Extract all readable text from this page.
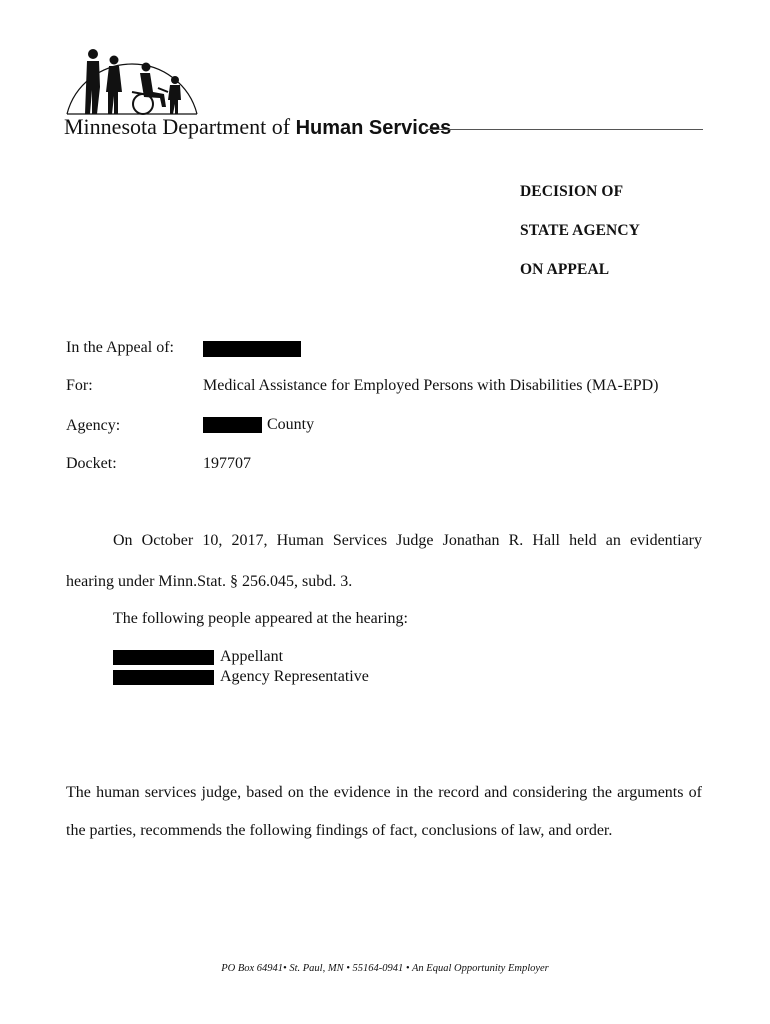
Minnesota Department of Human Services
DECISION OF
STATE AGENCY
ON APPEAL
In the Appeal of:
For:	Medical Assistance for Employed Persons with Disabilities (MA-EPD)
Agency:	County
Docket:	197707
On October 10, 2017, Human Services Judge Jonathan R. Hall held an evidentiary
hearing under Minn.Stat. § 256.045, subd. 3.
The following people appeared at the hearing:
Appellant
Agency Representative
The human services judge, based on the evidence in the record and considering the arguments of
the parties, recommends the following findings of fact, conclusions of law, and order.
PO Box 64941• St. Paul, MN • 55164-0941 • An Equal Opportunity Employer
